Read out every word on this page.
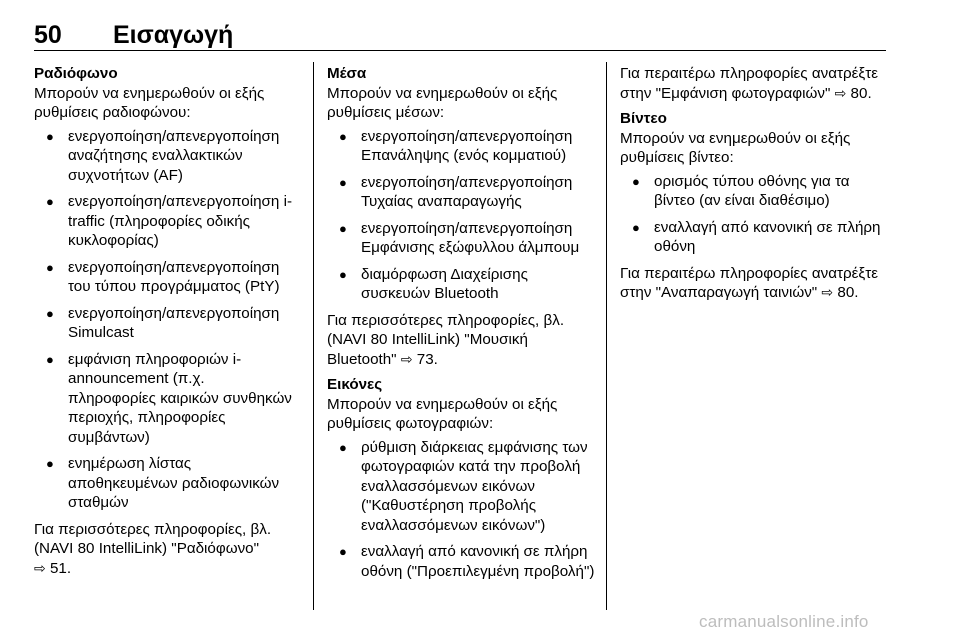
50 Εισαγωγή
Ραδιόφωνο

Μπορούν να ενημερωθούν οι εξής ρυθμίσεις ραδιοφώνου:

● ενεργοποίηση/απενεργοποίηση αναζήτησης εναλλακτικών συχνοτήτων (AF)
● ενεργοποίηση/απενεργοποίηση i-traffic (πληροφορίες οδικής κυκλοφορίας)
● ενεργοποίηση/απενεργοποίηση του τύπου προγράμματος (PtY)
● ενεργοποίηση/απενεργοποίηση Simulcast
● εμφάνιση πληροφοριών i-announcement (π.χ. πληροφορίες καιρικών συνθηκών περιοχής, πληροφορίες συμβάντων)
● ενημέρωση λίστας αποθηκευμένων ραδιοφωνικών σταθμών

Για περισσότερες πληροφορίες, βλ. (NAVI 80 IntelliLink) "Ραδιόφωνο"
⇨ 51.

Μέσα

Μπορούν να ενημερωθούν οι εξής ρυθμίσεις μέσων:

● ενεργοποίηση/απενεργοποίηση Επανάληψης (ενός κομματιού)
● ενεργοποίηση/απενεργοποίηση Τυχαίας αναπαραγωγής
● ενεργοποίηση/απενεργοποίηση Εμφάνισης εξώφυλλου άλμπουμ
● διαμόρφωση Διαχείρισης συσκευών Bluetooth

Για περισσότερες πληροφορίες, βλ. (NAVI 80 IntelliLink) "Μουσική Bluetooth" ⇨ 73.

Εικόνες

Μπορούν να ενημερωθούν οι εξής ρυθμίσεις φωτογραφιών:

● ρύθμιση διάρκειας εμφάνισης των φωτογραφιών κατά την προβολή εναλλασσόμενων εικόνων ("Καθυστέρηση προβολής εναλλασσόμενων εικόνων")
● εναλλαγή από κανονική σε πλήρη οθόνη ("Προεπιλεγμένη προβολή")

Για περαιτέρω πληροφορίες ανατρέξτε στην "Εμφάνιση φωτογραφιών" ⇨ 80.

Βίντεο

Μπορούν να ενημερωθούν οι εξής ρυθμίσεις βίντεο:

● ορισμός τύπου οθόνης για τα βίντεο (αν είναι διαθέσιμο)
● εναλλαγή από κανονική σε πλήρη οθόνη

Για περαιτέρω πληροφορίες ανατρέξτε στην "Αναπαραγωγή ταινιών" ⇨ 80.

carmanualsonline.info
